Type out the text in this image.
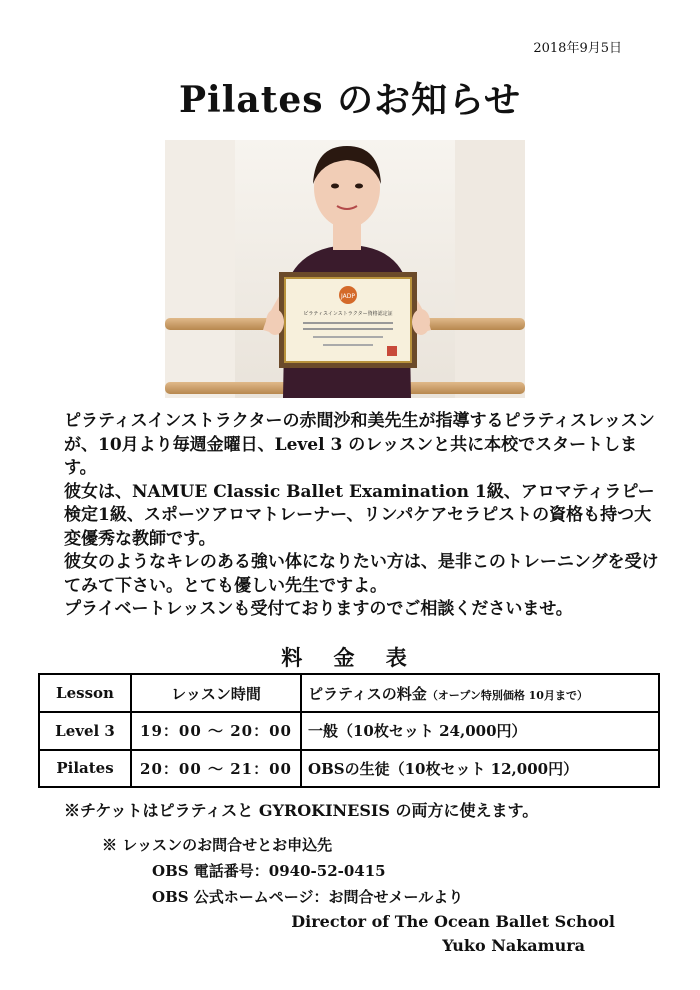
2018年9月5日
Pilates のお知らせ
JADP
ピラティスインストラクター資格認定証

ピラティスインストラクターの赤間沙和美先生が指導するピラティスレッスンが、10月より毎週金曜日、Level 3 のレッスンと共に本校でスタートします。

彼女は、NAMUE Classic Ballet Examination 1級、アロマティラピー検定1級、スポーツアロマトレーナー、リンパケアセラピストの資格も持つ大変優秀な教師です。

彼女のようなキレのある強い体になりたい方は、是非このトレーニングを受けてみて下さい。とても優しい先生ですよ。

プライベートレッスンも受付ておりますのでご相談くださいませ。

料 金 表
Lesson	レッスン時間	ピラティスの料金（オープン特別価格 10月まで）
Level 3	19：00 〜 20：00	一般（10枚セット 24,000円）
Pilates	20：00 〜 21：00	OBSの生徒（10枚セット 12,000円）
※チケットはピラティスと GYROKINESIS の両方に使えます。
※ レッスンのお問合せとお申込先
OBS 電話番号：0940-52-0415
OBS 公式ホームページ：お問合せメールより
Director of The Ocean Ballet School
Yuko Nakamura
